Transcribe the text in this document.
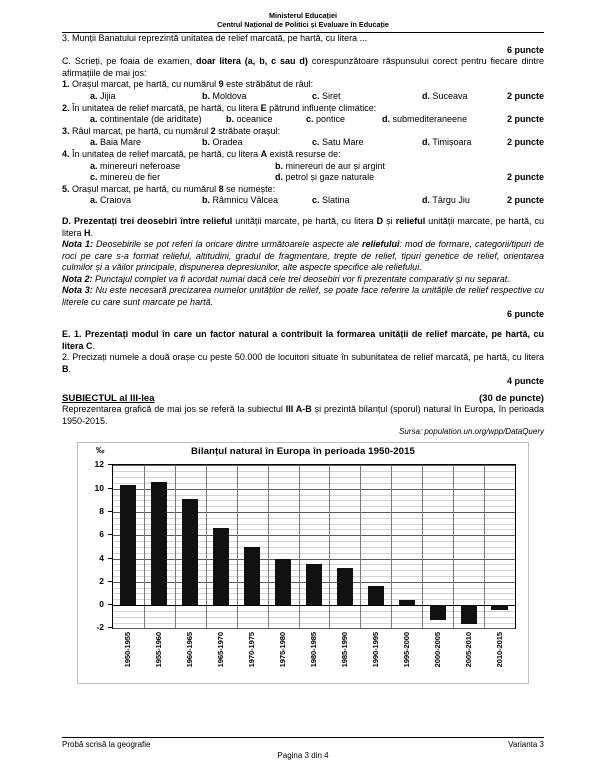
Ministerul Educației
Centrul Național de Politici și Evaluare în Educație

3. Munții Banatului reprezintă unitatea de relief marcată, pe hartă, cu litera ...

6 puncte

C. Scrieți, pe foaia de examen, doar litera (a, b, c sau d) corespunzătoare răspunsului corect pentru fiecare dintre afirmațiile de mai jos:

1. Orașul marcat, pe hartă, cu numărul 9 este străbătut de râul:

a. Jijia	b. Moldova	c. Siret	d. Suceava	2 puncte

2. În unitatea de relief marcată, pe hartă, cu litera E pătrund influențe climatice:

a. continentale (de ariditate)	b. oceanice	c. pontice	d. submediteraneene	2 puncte

3. Râul marcat, pe hartă, cu numărul 2 străbate orașul:

a. Baia Mare	b. Oradea	c. Satu Mare	d. Timișoara	2 puncte

4. În unitatea de relief marcată, pe hartă, cu litera A există resurse de:

a. minereuri neferoase	b. minereuri de aur și argint
c. minereu de fier	d. petrol și gaze naturale	2 puncte

5. Orașul marcat, pe hartă, cu numărul 8 se numește:

a. Craiova	b. Râmnicu Vâlcea	c. Slatina	d. Târgu Jiu	2 puncte

D. Prezentați trei deosebiri între relieful unității marcate, pe hartă, cu litera D și relieful unității marcate, pe hartă, cu litera H.

Nota 1: Deosebirile se pot referi la oricare dintre următoarele aspecte ale reliefului: mod de formare, categorii/tipuri de roci pe care s-a format relieful, altitudini, gradul de fragmentare, trepte de relief, tipuri genetice de relief, orientarea culmilor și a văilor principale, dispunerea depresiunilor, alte aspecte specifice ale reliefului.

Nota 2: Punctajul complet va fi acordat numai dacă cele trei deosebiri vor fi prezentate comparativ și nu separat.

Nota 3: Nu este necesară precizarea numelor unităților de relief, se poate face referire la unitățile de relief respective cu literele cu care sunt marcate pe hartă.

6 puncte

E. 1. Prezentați modul în care un factor natural a contribuit la formarea unității de relief marcate, pe hartă, cu litera C.

2. Precizați numele a două orașe cu peste 50.000 de locuitori situate în subunitatea de relief marcată, pe hartă, cu litera B.

4 puncte
SUBIECTUL al III-lea	(30 de puncte)

Reprezentarea grafică de mai jos se referă la subiectul III A-B și prezintă bilanțul (sporul) natural în Europa, în perioada 1950-2015.

Sursa: population.un.org/wpp/DataQuery
‰	Bilanțul natural în Europa în perioada 1950-2015
12
10
8
6
4
2
0
-2
1950-1955	1955-1960	1960-1965	1965-1970	1970-1975	1975-1980	1980-1985	1985-1990	1990-1995	1995-2000	2000-2005	2005-2010	2010-2015
Probă scrisă la geografie	Varianta 3
Pagina 3 din 4
